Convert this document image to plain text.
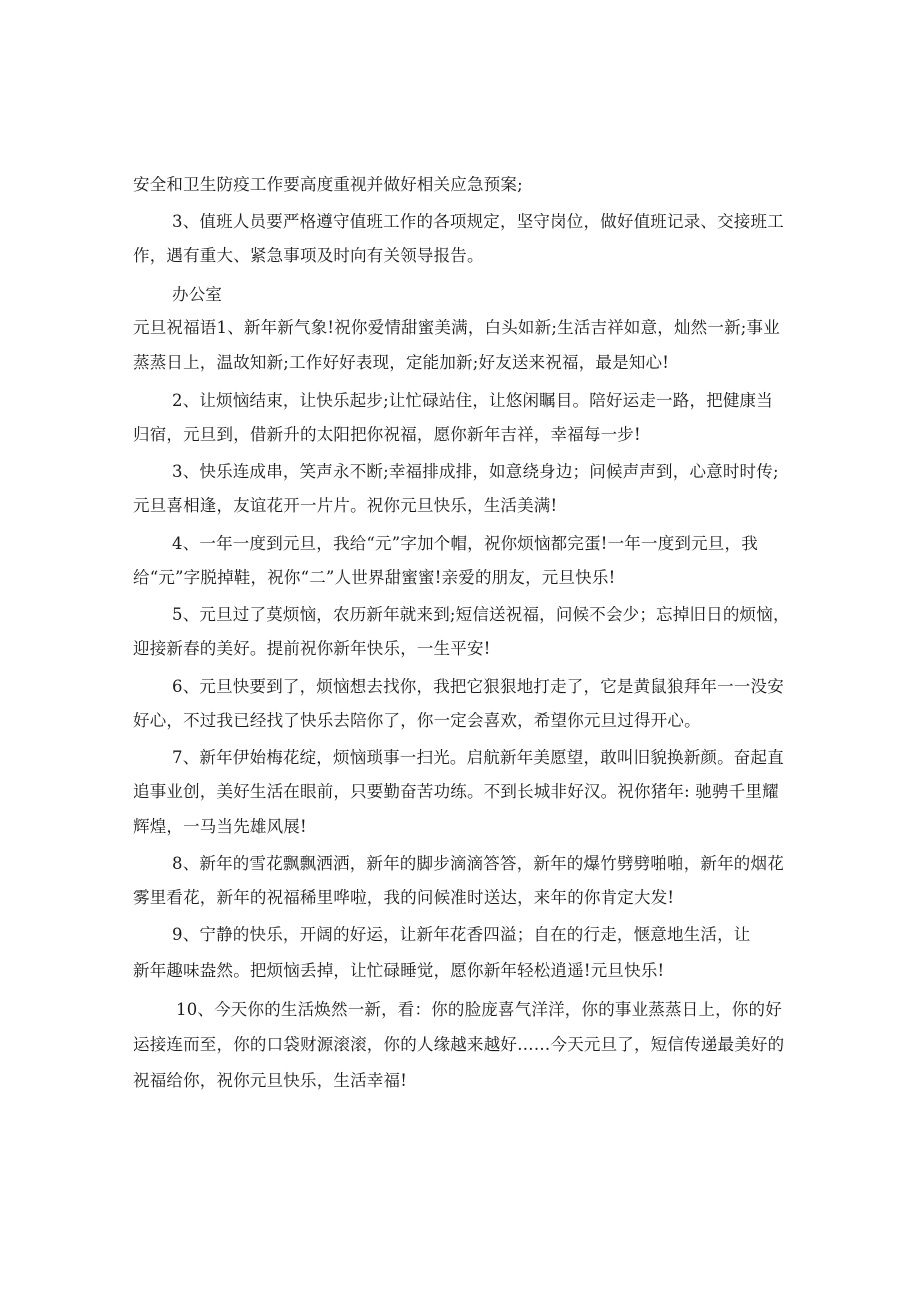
安全和卫生防疫工作要高度重视并做好相关应急预案;
3、值班人员要严格遵守值班工作的各项规定，坚守岗位，做好值班记录、交接班工
作，遇有重大、紧急事项及时向有关领导报告。
办公室
元旦祝福语1、新年新气象!祝你爱情甜蜜美满，白头如新;生活吉祥如意，灿然一新;事业
蒸蒸日上，温故知新;工作好好表现，定能加新;好友送来祝福，最是知心!
2、让烦恼结束，让快乐起步;让忙碌站住，让悠闲瞩目。陪好运走一路，把健康当
归宿，元旦到，借新升的太阳把你祝福，愿你新年吉祥，幸福每一步!
3、快乐连成串，笑声永不断;幸福排成排，如意绕身边；问候声声到，心意时时传;
元旦喜相逢，友谊花开一片片。祝你元旦快乐，生活美满!
4、一年一度到元旦，我给“元”字加个帽，祝你烦恼都完蛋!一年一度到元旦，我
给“元”字脱掉鞋，祝你“二”人世界甜蜜蜜!亲爱的朋友，元旦快乐!
5、元旦过了莫烦恼，农历新年就来到;短信送祝福，问候不会少；忘掉旧日的烦恼，
迎接新春的美好。提前祝你新年快乐，一生平安!
6、元旦快要到了，烦恼想去找你，我把它狠狠地打走了，它是黄鼠狼拜年一一没安
好心，不过我已经找了快乐去陪你了，你一定会喜欢，希望你元旦过得开心。
7、新年伊始梅花绽，烦恼琐事一扫光。启航新年美愿望，敢叫旧貌换新颜。奋起直
追事业创，美好生活在眼前，只要勤奋苦功练。不到长城非好汉。祝你猪年: 驰骋千里耀
辉煌，一马当先雄风展!
8、新年的雪花飘飘洒洒，新年的脚步滴滴答答，新年的爆竹劈劈啪啪，新年的烟花
雾里看花，新年的祝福稀里哗啦，我的问候准时送达，来年的你肯定大发!
9、宁静的快乐，开阔的好运，让新年花香四溢；自在的行走，惬意地生活，让
新年趣味盎然。把烦恼丢掉，让忙碌睡觉，愿你新年轻松逍遥!元旦快乐!
10、今天你的生活焕然一新，看：你的脸庞喜气洋洋，你的事业蒸蒸日上，你的好
运接连而至，你的口袋财源滚滚，你的人缘越来越好……今天元旦了，短信传递最美好的
祝福给你，祝你元旦快乐，生活幸福!
